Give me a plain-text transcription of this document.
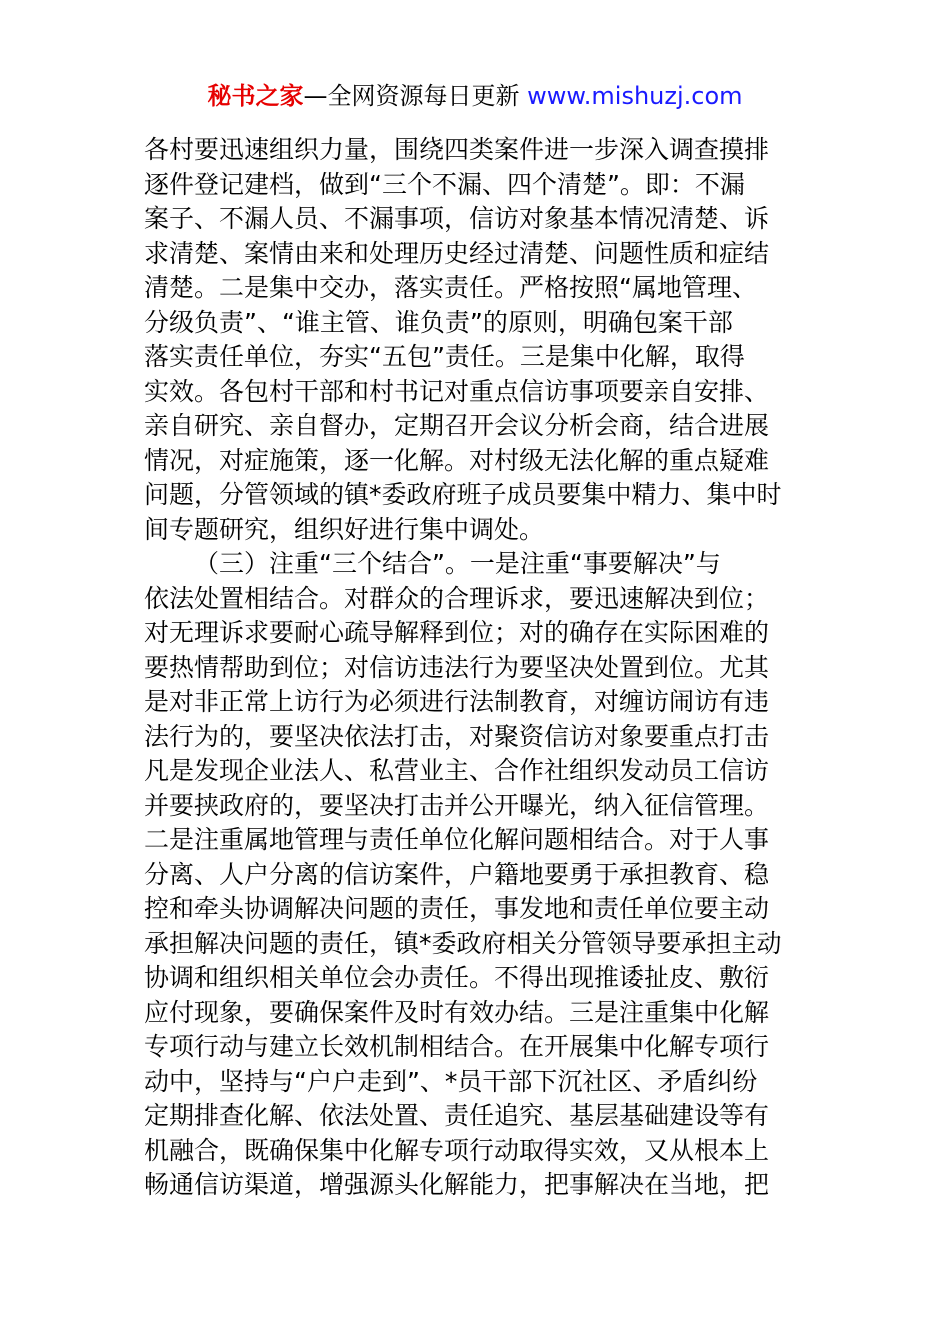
秘书之家—全网资源每日更新 www.mishuzj.com
各村要迅速组织力量，围绕四类案件进一步深入调查摸排
逐件登记建档，做到“三个不漏、四个清楚”。即：不漏
案子、不漏人员、不漏事项，信访对象基本情况清楚、诉
求清楚、案情由来和处理历史经过清楚、问题性质和症结
清楚。二是集中交办，落实责任。严格按照“属地管理、
分级负责”、“谁主管、谁负责”的原则，明确包案干部
落实责任单位，夯实“五包”责任。三是集中化解，取得
实效。各包村干部和村书记对重点信访事项要亲自安排、
亲自研究、亲自督办，定期召开会议分析会商，结合进展
情况，对症施策，逐一化解。对村级无法化解的重点疑难
问题，分管领域的镇*委政府班子成员要集中精力、集中时
间专题研究，组织好进行集中调处。
（三）注重“三个结合”。一是注重“事要解决”与
依法处置相结合。对群众的合理诉求，要迅速解决到位；
对无理诉求要耐心疏导解释到位；对的确存在实际困难的
要热情帮助到位；对信访违法行为要坚决处置到位。尤其
是对非正常上访行为必须进行法制教育，对缠访闹访有违
法行为的，要坚决依法打击，对聚资信访对象要重点打击
凡是发现企业法人、私营业主、合作社组织发动员工信访
并要挟政府的，要坚决打击并公开曝光，纳入征信管理。
二是注重属地管理与责任单位化解问题相结合。对于人事
分离、人户分离的信访案件，户籍地要勇于承担教育、稳
控和牵头协调解决问题的责任，事发地和责任单位要主动
承担解决问题的责任，镇*委政府相关分管领导要承担主动
协调和组织相关单位会办责任。不得出现推诿扯皮、敷衍
应付现象，要确保案件及时有效办结。三是注重集中化解
专项行动与建立长效机制相结合。在开展集中化解专项行
动中，坚持与“户户走到”、*员干部下沉社区、矛盾纠纷
定期排查化解、依法处置、责任追究、基层基础建设等有
机融合，既确保集中化解专项行动取得实效，又从根本上
畅通信访渠道，增强源头化解能力，把事解决在当地，把
